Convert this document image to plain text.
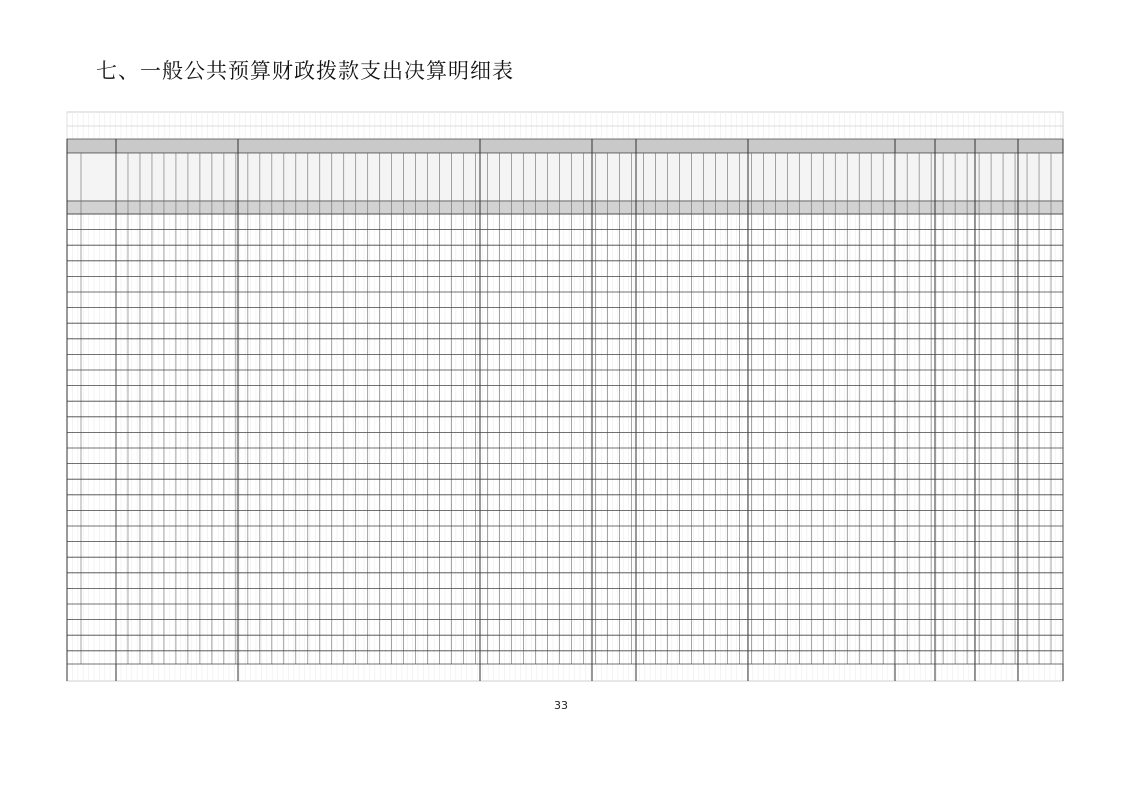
七、一般公共预算财政拨款支出决算明细表
33
